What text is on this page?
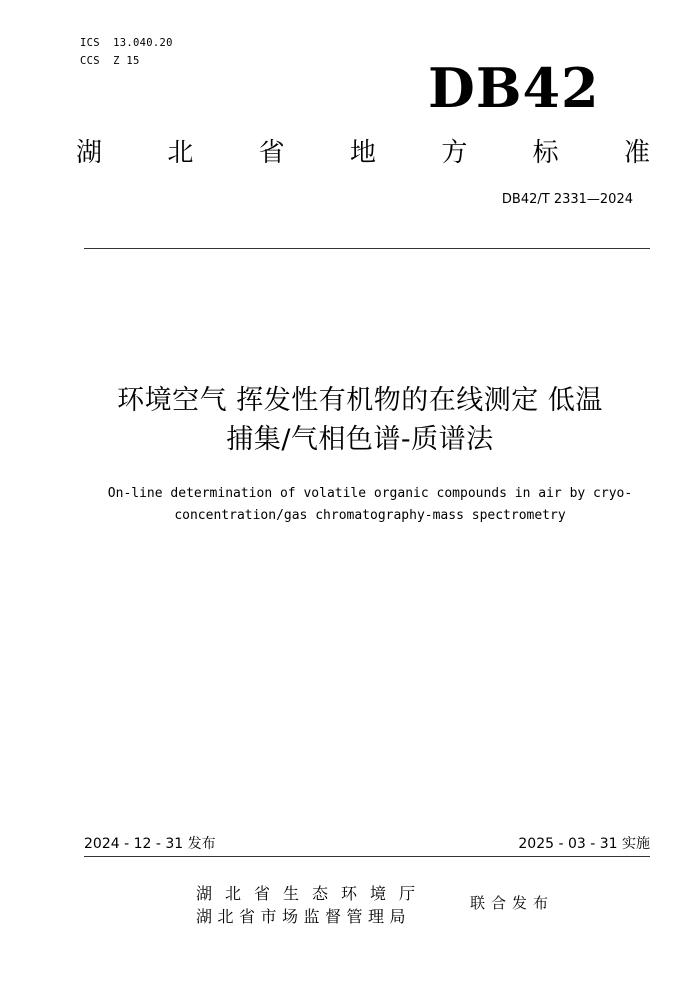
ICS  13.040.20
CCS  Z 15	DB42
湖	北	省	地	方	标	准
DB42/T 2331—2024
环境空气 挥发性有机物的在线测定 低温
捕集/气相色谱-质谱法
On-line determination of volatile organic compounds in air by cryo-
concentration/gas chromatography-mass spectrometry
2024 - 12 - 31 发布	2025 - 03 - 31 实施
湖北省生态环境厅
湖北省市场监督管理局
联合发布
